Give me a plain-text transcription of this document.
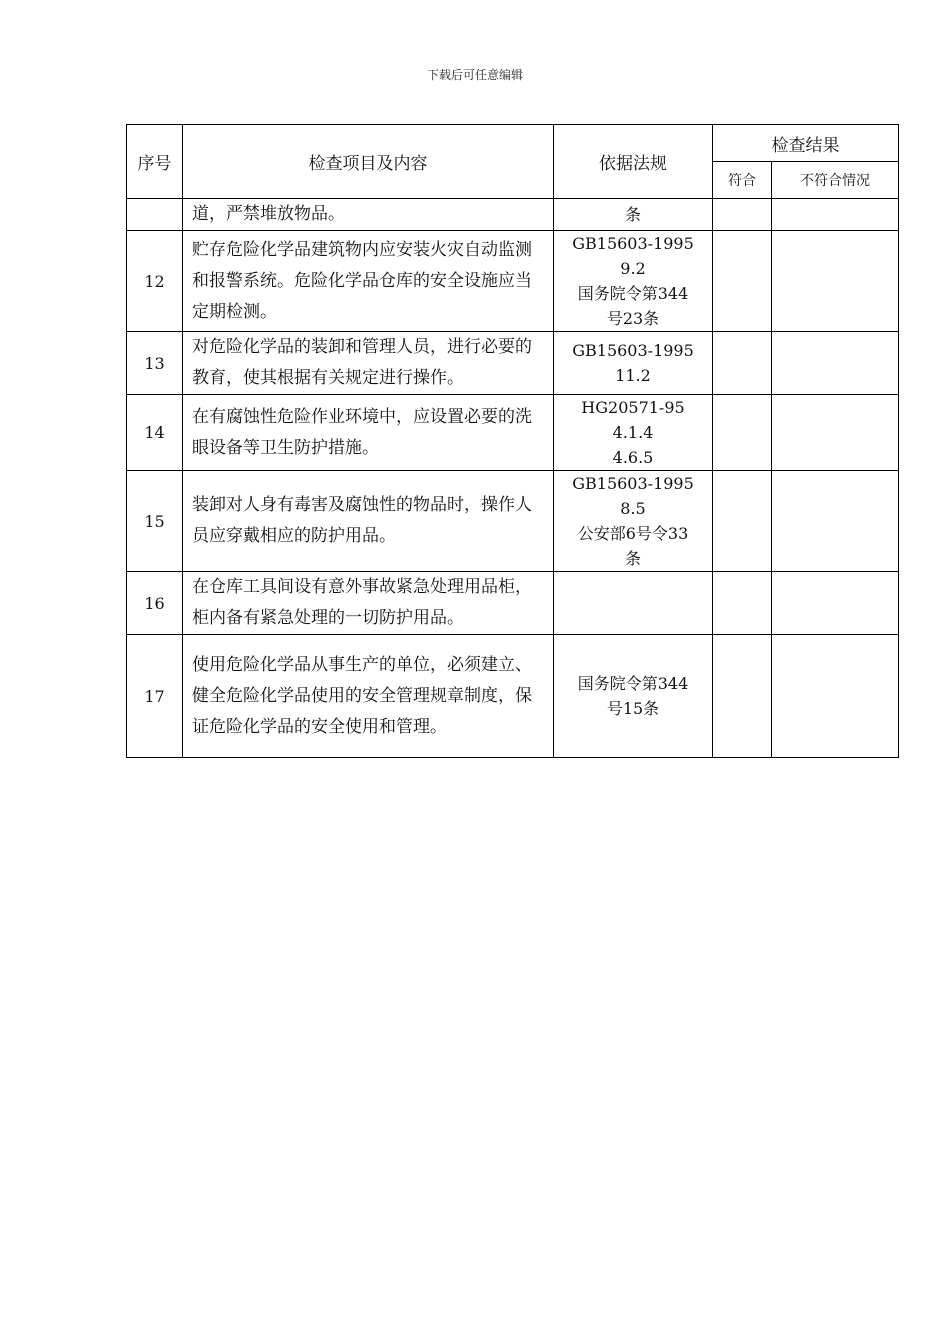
下载后可任意编辑
序号	检查项目及内容	依据法规	检查结果	
			符合	不符合情况
	道，严禁堆放物品。	条		

12	贮存危险化学品建筑物内应安装火灾自动监测和报警系统。危险化学品仓库的安全设施应当定期检测。	GB15603-1995
9.2
国务院令第344
号23条		

13	对危险化学品的装卸和管理人员，进行必要的教育，使其根据有关规定进行操作。	GB15603-1995
11.2		

14	在有腐蚀性危险作业环境中，应设置必要的洗眼设备等卫生防护措施。	HG20571-95
4.1.4
4.6.5		

15	装卸对人身有毒害及腐蚀性的物品时，操作人员应穿戴相应的防护用品。	GB15603-1995
8.5
公安部6号令33
条		

16	在仓库工具间设有意外事故紧急处理用品柜，柜内备有紧急处理的一切防护用品。			
17	使用危险化学品从事生产的单位，必须建立、健全危险化学品使用的安全管理规章制度，保证危险化学品的安全使用和管理。	国务院令第344
号15条		
